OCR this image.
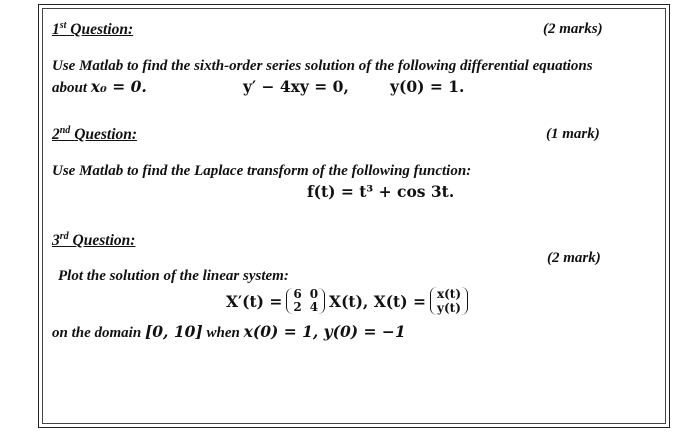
1st Question:	(2 marks)
Use Matlab to find the sixth-order series solution of the following differential equations
about x₀ = 0.	y′ − 4xy = 0,	y(0) = 1.
2nd Question:	(1 mark)
Use Matlab to find the Laplace transform of the following function:
f(t) = t³ + cos 3t.
3rd Question:
(2 mark)
Plot the solution of the linear system:
X′(t) = 6 0
2 4 X(t), X(t) = x(t)
y(t)
on the domain [0, 10] when x(0) = 1, y(0) = −1
